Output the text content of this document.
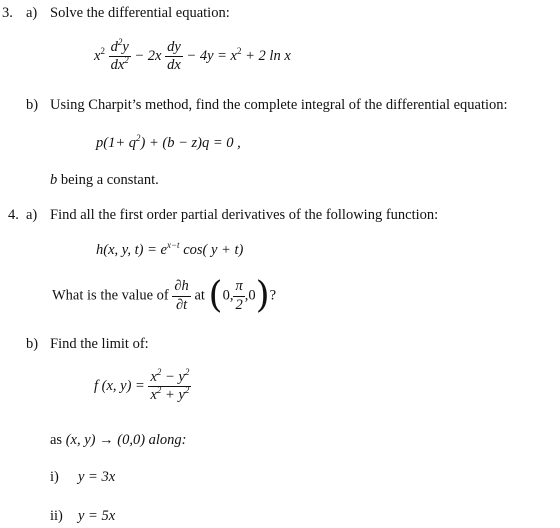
3. a) Solve the differential equation:
$x^2 \frac{d^2y}{dx^2} - 2x \frac{dy}{dx} - 4y = x^2 + 2$ ln x
b) Using Charpit’s method, find the complete integral of the differential equation:
$p(1+ q^2) + (b - z)q = 0$ ,
b being a constant.
4. a) Find all the first order partial derivatives of the following function:
h(x, y, $t) = e^{x-t}$ cos( y + t)
What is the value of $\frac{\partial h}{\partial t}$ at (0, $\frac{\pi}{2} ,0$)?
b) Find the limit of:
f (x, $y) = \frac{x^2 - y^2}{x^2 + y^2}$
as (x, y) → (0,0) along:
i) y = 3x
ii) y = 5x
